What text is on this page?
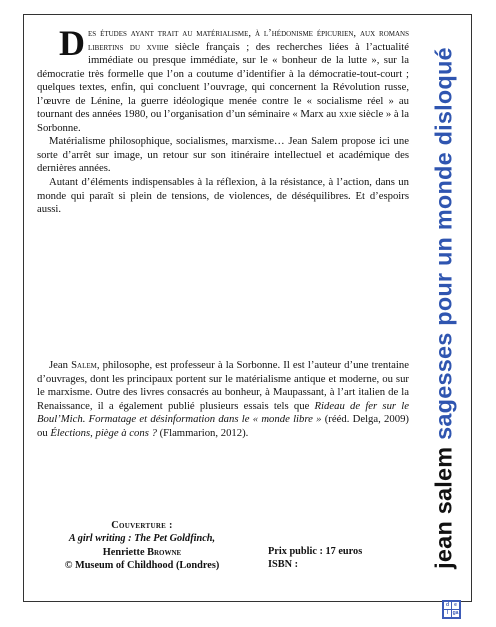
Des études ayant trait au matérialisme, à l’hédonisme épicurien, aux romans libertins du xviiie siècle français ; des recherches liées à l’actualité immédiate ou presque immédiate, sur le « bonheur de la lutte », sur la démocratie très formelle que l’on a coutume d’identifier à la démocratie-tout-court ; quelques textes, enfin, qui concluent l’ouvrage, qui concernent la Révolution russe, l’œuvre de Lénine, la guerre idéologique menée contre le « socialisme réel » au tournant des années 1980, ou l’organisation d’un séminaire « Marx au xxie siècle » à la Sorbonne.

Matérialisme philosophique, socialismes, marxisme… Jean Salem propose ici une sorte d’arrêt sur image, un retour sur son itinéraire intellectuel et académique des dernières années.

Autant d’éléments indispensables à la réflexion, à la résistance, à l’action, dans un monde qui paraît si plein de tensions, de violences, de déséquilibres. Et d’espoirs aussi.

Jean Salem, philosophe, est professeur à la Sorbonne. Il est l’auteur d’une trentaine d’ouvrages, dont les principaux portent sur le matérialisme antique et moderne, ou sur le marxisme. Outre des livres consacrés au bonheur, à Maupassant, à l’art italien de la Renaissance, il a également publié plusieurs essais tels que Rideau de fer sur le Boul’Mich. Formatage et désinformation dans le « monde libre » (rééd. Delga, 2009) ou Élections, piège à cons ? (Flammarion, 2012).

Couverture :
A girl writing : The Pet Goldfinch,
Henriette Browne
© Museum of Childhood (Londres)
Prix public : 17 euros
ISBN :	jean salem sagesses pour un monde disloqué
d	e
l ga
